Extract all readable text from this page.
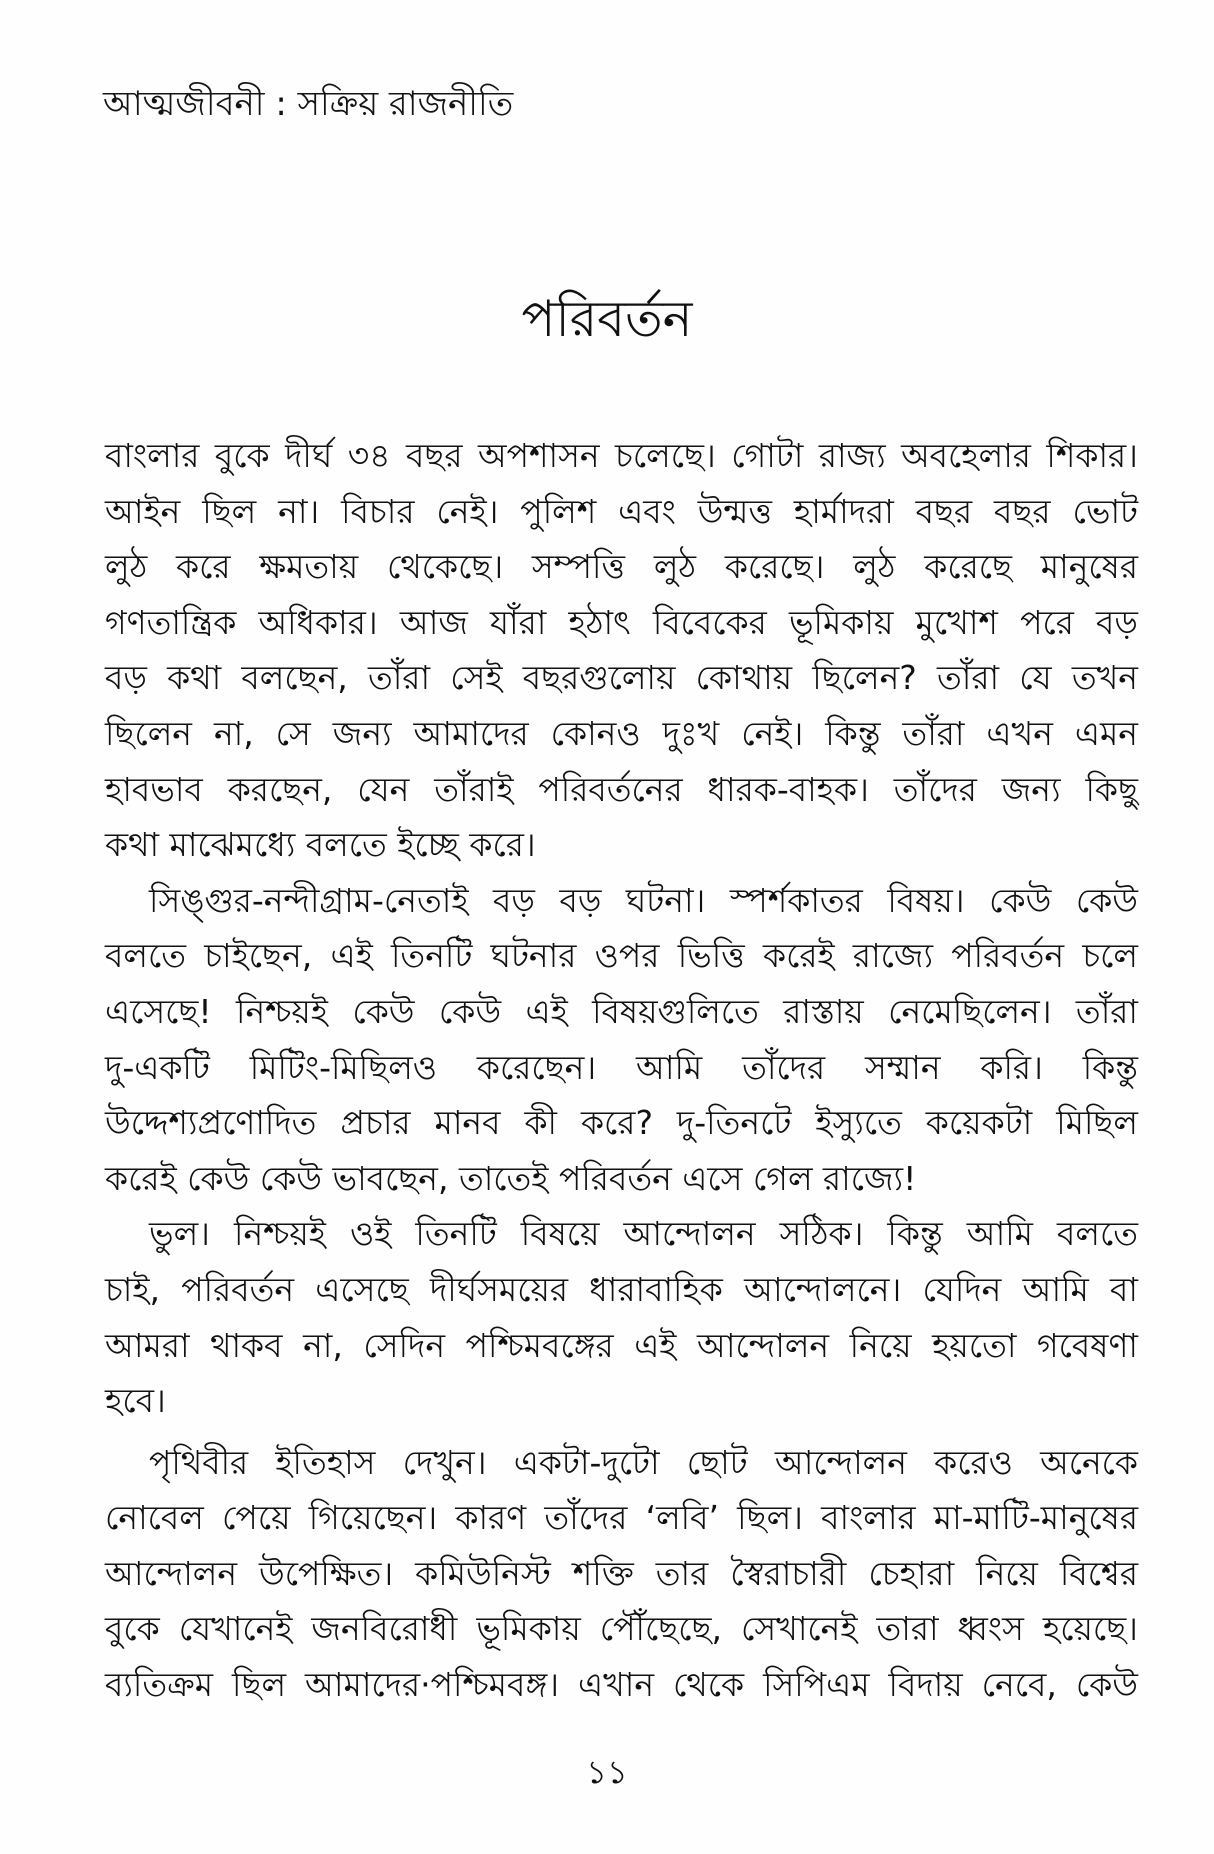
আত্মজীবনী : সক্রিয় রাজনীতি
পরিবর্তন
বাংলার বুকে দীর্ঘ ৩৪ বছর অপশাসন চলেছে। গোটা রাজ্য অবহেলার শিকার।
আইন ছিল না। বিচার নেই। পুলিশ এবং উন্মত্ত হার্মাদরা বছর বছর ভোট
লুঠ করে ক্ষমতায় থেকেছে। সম্পত্তি লুঠ করেছে। লুঠ করেছে মানুষের
গণতান্ত্রিক অধিকার। আজ যাঁরা হঠাৎ বিবেকের ভূমিকায় মুখোশ পরে বড়
বড় কথা বলছেন, তাঁরা সেই বছরগুলোয় কোথায় ছিলেন? তাঁরা যে তখন
ছিলেন না, সে জন্য আমাদের কোনও দুঃখ নেই। কিন্তু তাঁরা এখন এমন
হাবভাব করছেন, যেন তাঁরাই পরিবর্তনের ধারক-বাহক। তাঁদের জন্য কিছু
কথা মাঝেমধ্যে বলতে ইচ্ছে করে।
সিঙ্গুর-নন্দীগ্রাম-নেতাই বড় বড় ঘটনা। স্পর্শকাতর বিষয়। কেউ কেউ
বলতে চাইছেন, এই তিনটি ঘটনার ওপর ভিত্তি করেই রাজ্যে পরিবর্তন চলে
এসেছে! নিশ্চয়ই কেউ কেউ এই বিষয়গুলিতে রাস্তায় নেমেছিলেন। তাঁরা
দু-একটি মিটিং-মিছিলও করেছেন। আমি তাঁদের সম্মান করি। কিন্তু
উদ্দেশ্যপ্রণোদিত প্রচার মানব কী করে? দু-তিনটে ইস্যুতে কয়েকটা মিছিল
করেই কেউ কেউ ভাবছেন, তাতেই পরিবর্তন এসে গেল রাজ্যে!
ভুল। নিশ্চয়ই ওই তিনটি বিষয়ে আন্দোলন সঠিক। কিন্তু আমি বলতে
চাই, পরিবর্তন এসেছে দীর্ঘসময়ের ধারাবাহিক আন্দোলনে। যেদিন আমি বা
আমরা থাকব না, সেদিন পশ্চিমবঙ্গের এই আন্দোলন নিয়ে হয়তো গবেষণা
হবে।
পৃথিবীর ইতিহাস দেখুন। একটা-দুটো ছোট আন্দোলন করেও অনেকে
নোবেল পেয়ে গিয়েছেন। কারণ তাঁদের ‘লবি’ ছিল। বাংলার মা-মাটি-মানুষের
আন্দোলন উপেক্ষিত। কমিউনিস্ট শক্তি তার স্বৈরাচারী চেহারা নিয়ে বিশ্বের
বুকে যেখানেই জনবিরোধী ভূমিকায় পৌঁছেছে, সেখানেই তারা ধ্বংস হয়েছে।
ব্যতিক্রম ছিল আমাদের·পশ্চিমবঙ্গ। এখান থেকে সিপিএম বিদায় নেবে, কেউ
১১
